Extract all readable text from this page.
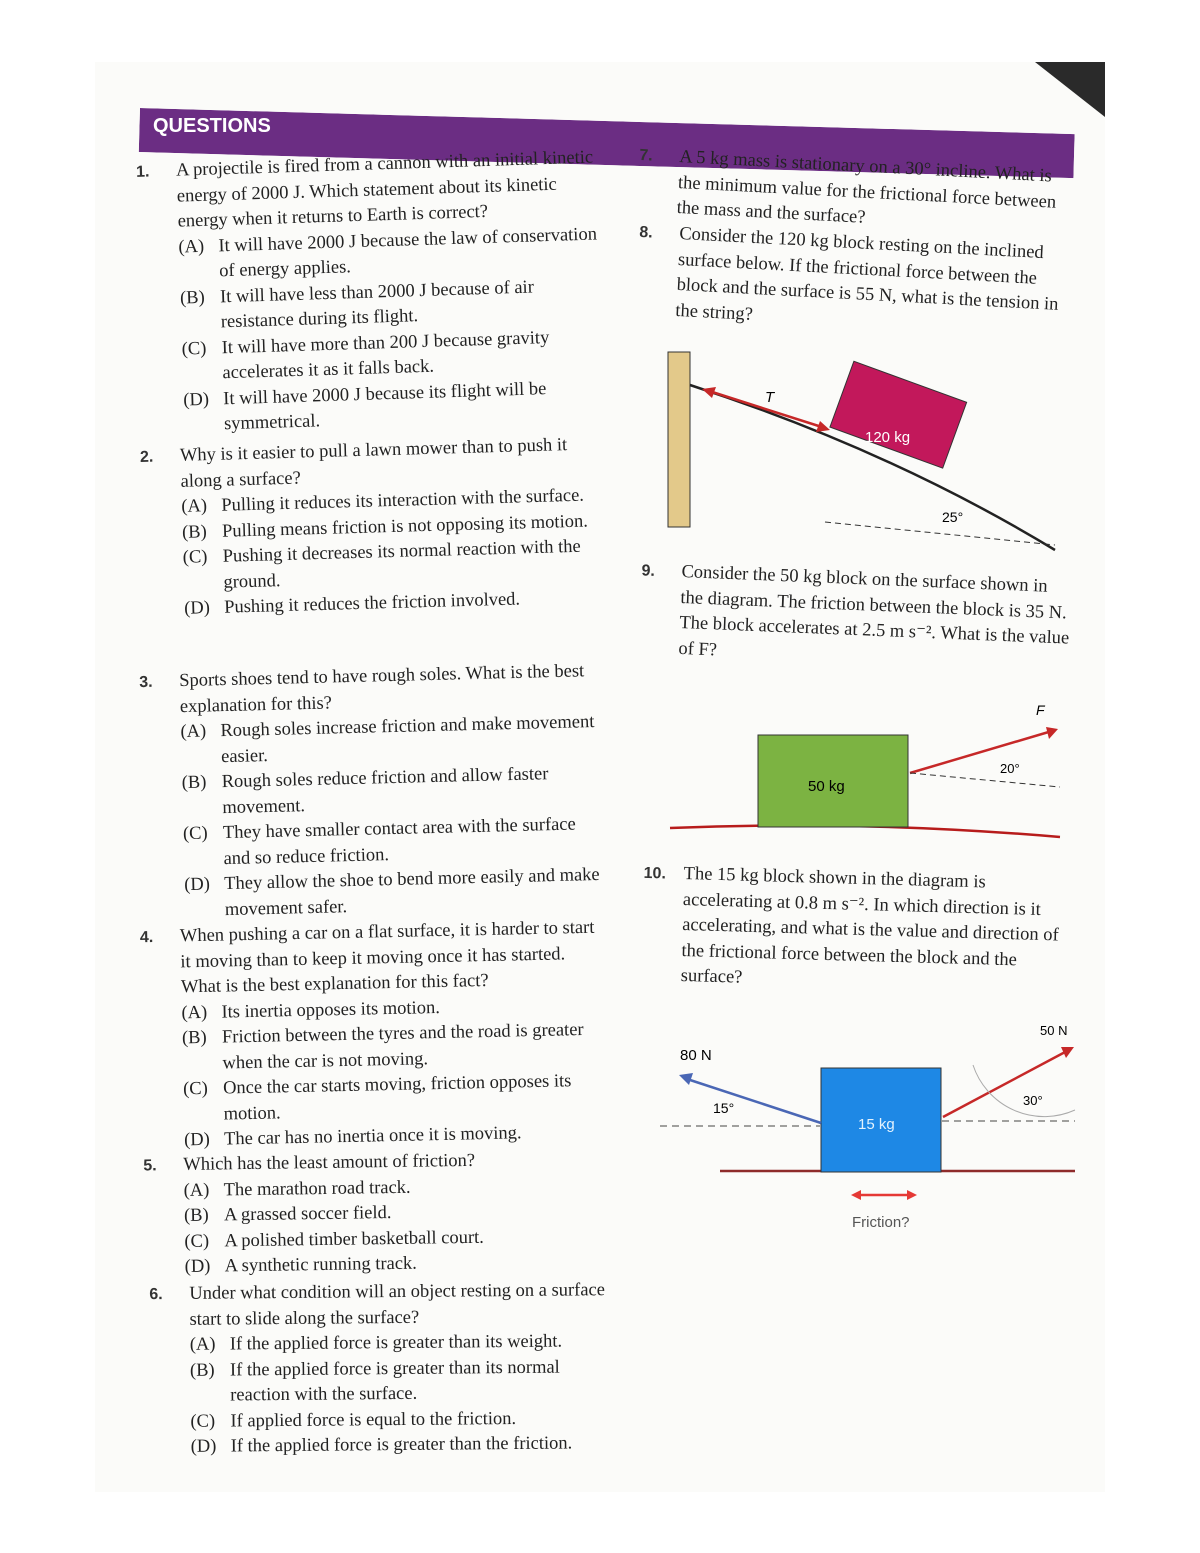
QUESTIONS
1. A projectile is fired from a cannon with an initial kinetic energy of 2000 J. Which statement about its kinetic energy when it returns to Earth is correct?
(A) It will have 2000 J because the law of conservation of energy applies.
(B) It will have less than 2000 J because of air resistance during its flight.
(C) It will have more than 200 J because gravity accelerates it as it falls back.
(D) It will have 2000 J because its flight will be symmetrical.
2. Why is it easier to pull a lawn mower than to push it along a surface?
(A) Pulling it reduces its interaction with the surface.
(B) Pulling means friction is not opposing its motion.
(C) Pushing it decreases its normal reaction with the ground.
(D) Pushing it reduces the friction involved.
3. Sports shoes tend to have rough soles. What is the best explanation for this?
(A) Rough soles increase friction and make movement easier.
(B) Rough soles reduce friction and allow faster movement.
(C) They have smaller contact area with the surface and so reduce friction.
(D) They allow the shoe to bend more easily and make movement safer.
4. When pushing a car on a flat surface, it is harder to start it moving than to keep it moving once it has started. What is the best explanation for this fact?
(A) Its inertia opposes its motion.
(B) Friction between the tyres and the road is greater when the car is not moving.
(C) Once the car starts moving, friction opposes its motion.
(D) The car has no inertia once it is moving.
5. Which has the least amount of friction?
(A) The marathon road track.
(B) A grassed soccer field.
(C) A polished timber basketball court.
(D) A synthetic running track.
6. Under what condition will an object resting on a surface start to slide along the surface?
(A) If the applied force is greater than its weight.
(B) If the applied force is greater than its normal reaction with the surface.
(C) If applied force is equal to the friction.
(D) If the applied force is greater than the friction.
7. A 5 kg mass is stationary on a 30° incline. What is the minimum value for the frictional force between the mass and the surface?
8. Consider the 120 kg block resting on the inclined surface below. If the frictional force between the block and the surface is 55 N, what is the tension in the string?
T
120 kg
25°
9. Consider the 50 kg block on the surface shown in the diagram. The friction between the block is 35 N. The block accelerates at 2.5 m s⁻². What is the value of F?
50 kg
F
20°
10. The 15 kg block shown in the diagram is accelerating at 0.8 m s⁻². In which direction is it accelerating, and what is the value and direction of the frictional force between the block and the surface?
15 kg
80 N
50 N
15°	30°
Friction?
